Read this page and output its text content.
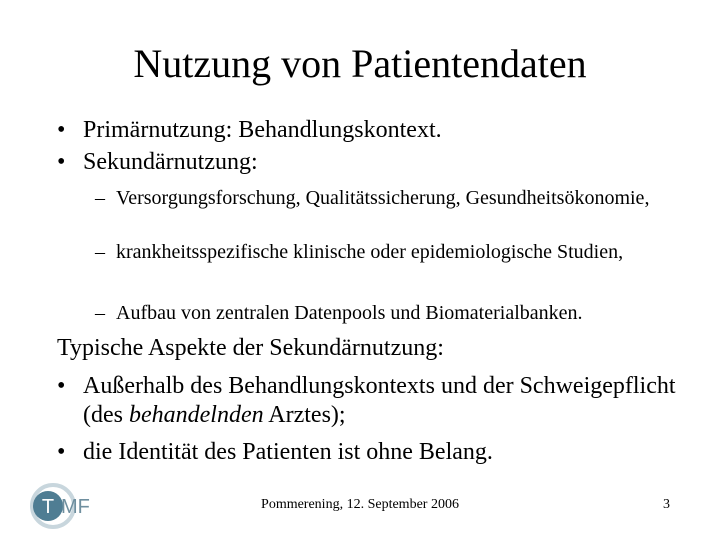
Nutzung von Patientendaten
• Primärnutzung: Behandlungskontext.
• Sekundärnutzung:
– Versorgungsforschung, Qualitätssicherung, Gesundheitsökonomie,
– krankheitsspezifische klinische oder epidemiologische Studien,
– Aufbau von zentralen Datenpools und Biomaterialbanken.
Typische Aspekte der Sekundärnutzung:
• Außerhalb des Behandlungskontexts und der Schweigepflicht (des behandelnden Arztes);
• die Identität des Patienten ist ohne Belang.
T MF	Pommerening, 12. September 2006	3
